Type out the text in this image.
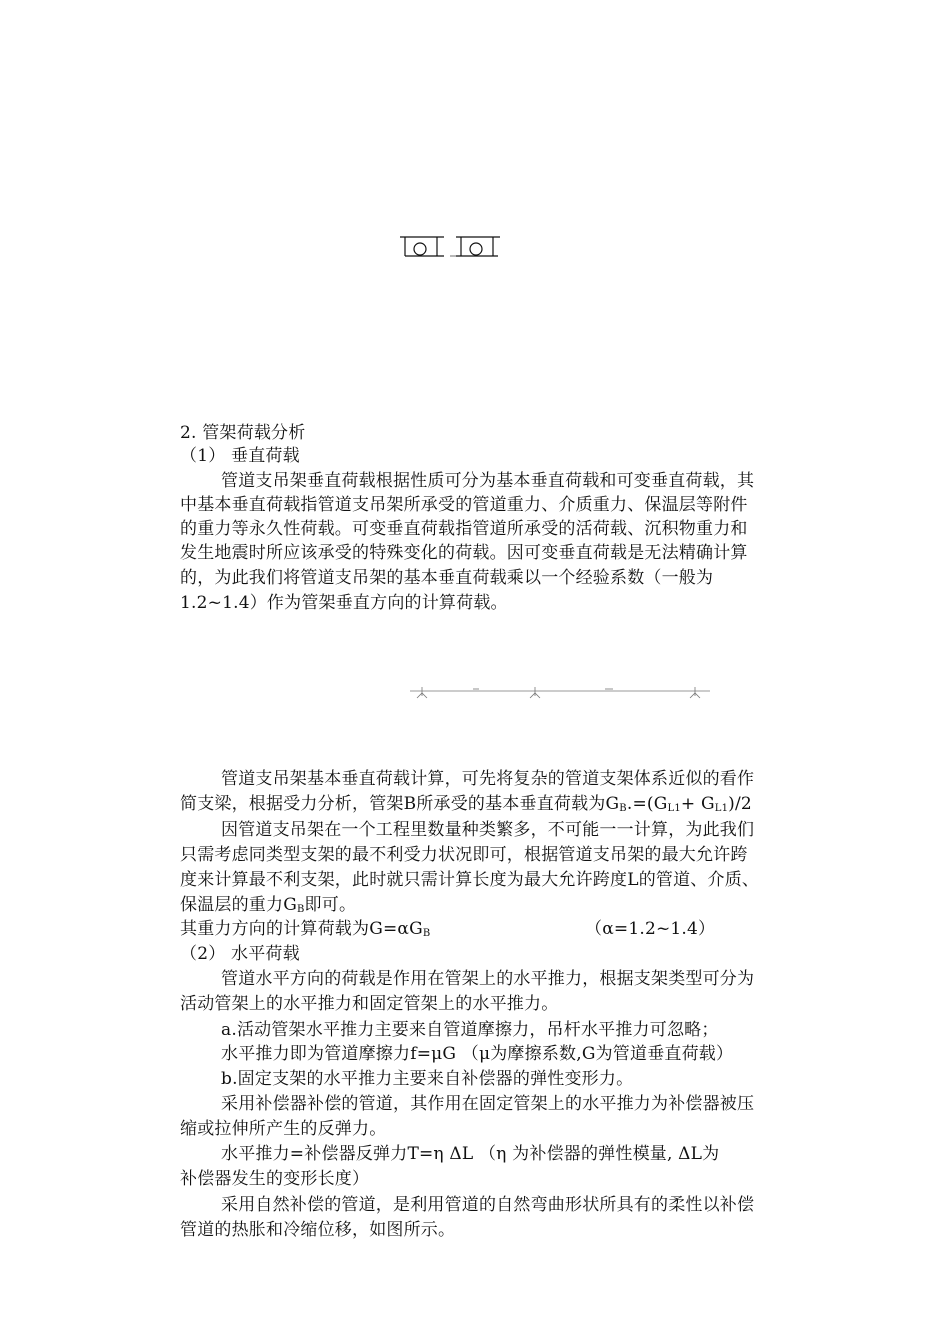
2. 管架荷载分析
（1） 垂直荷载
管道支吊架垂直荷载根据性质可分为基本垂直荷载和可变垂直荷载，其
中基本垂直荷载指管道支吊架所承受的管道重力、介质重力、保温层等附件
的重力等永久性荷载。可变垂直荷载指管道所承受的活荷载、沉积物重力和
发生地震时所应该承受的特殊变化的荷载。因可变垂直荷载是无法精确计算
的，为此我们将管道支吊架的基本垂直荷载乘以一个经验系数（一般为
1.2~1.4）作为管架垂直方向的计算荷载。
管道支吊架基本垂直荷载计算，可先将复杂的管道支架体系近似的看作
简支梁，根据受力分析，管架B所承受的基本垂直荷载为$G_B.=(G_{L1}+ G_{L1})/2$
因管道支吊架在一个工程里数量种类繁多，不可能一一计算，为此我们
只需考虑同类型支架的最不利受力状况即可，根据管道支吊架的最大允许跨
度来计算最不利支架，此时就只需计算长度为最大允许跨度L的管道、介质、
保温层的重力$G_B$即可。
其重力方向的计算荷载为$G=\alpha G_B$	（α=1.2~1.4）
（2） 水平荷载
管道水平方向的荷载是作用在管架上的水平推力，根据支架类型可分为
活动管架上的水平推力和固定管架上的水平推力。
a.活动管架水平推力主要来自管道摩擦力，吊杆水平推力可忽略；
水平推力即为管道摩擦力f=μG （μ为摩擦系数,G为管道垂直荷载）
b.固定支架的水平推力主要来自补偿器的弹性变形力。
采用补偿器补偿的管道，其作用在固定管架上的水平推力为补偿器被压
缩或拉伸所产生的反弹力。
水平推力=补偿器反弹力T=η ΔL （η 为补偿器的弹性模量, ΔL为
补偿器发生的变形长度）
采用自然补偿的管道，是利用管道的自然弯曲形状所具有的柔性以补偿
管道的热胀和冷缩位移，如图所示。
